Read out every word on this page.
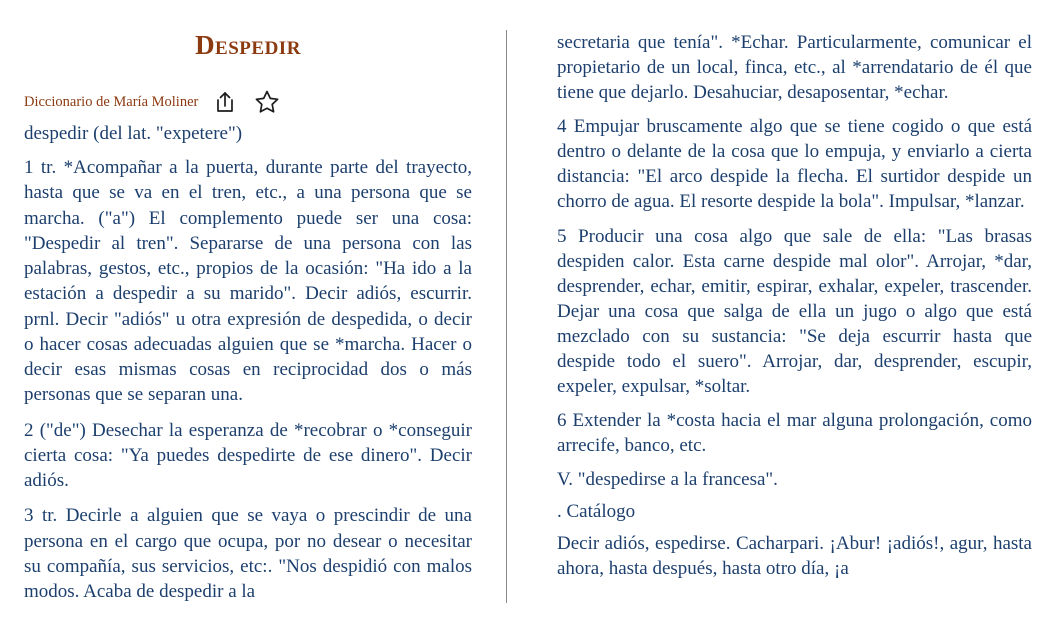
Despedir
Diccionario de María Moliner
despedir (del lat. "expetere")

1 tr. *Acompañar a la puerta, durante parte del trayecto, hasta que se va en el tren, etc., a una persona que se marcha. ("a") El complemento puede ser una cosa: "Despedir al tren". Separarse de una persona con las palabras, gestos, etc., propios de la ocasión: "Ha ido a la estación a despedir a su marido". Decir adiós, escurrir. prnl. Decir "adiós" u otra expresión de despedida, o decir o hacer cosas adecuadas alguien que se *marcha. Hacer o decir esas mismas cosas en reciprocidad dos o más personas que se separan una.

2 ("de") Desechar la esperanza de *recobrar o *conseguir cierta cosa: "Ya puedes despedirte de ese dinero". Decir adiós.

3 tr. Decirle a alguien que se vaya o prescindir de una persona en el cargo que ocupa, por no desear o necesitar su compañía, sus servicios, etc:. "Nos despidió con malos modos. Acaba de despedir a la

secretaria que tenía". *Echar. Particularmente, comunicar el propietario de un local, finca, etc., al *arrendatario de él que tiene que dejarlo. Desahuciar, desaposentar, *echar.

4 Empujar bruscamente algo que se tiene cogido o que está dentro o delante de la cosa que lo empuja, y enviarlo a cierta distancia: "El arco despide la flecha. El surtidor despide un chorro de agua. El resorte despide la bola". Impulsar, *lanzar.

5 Producir una cosa algo que sale de ella: "Las brasas despiden calor. Esta carne despide mal olor". Arrojar, *dar, desprender, echar, emitir, espirar, exhalar, expeler, trascender. Dejar una cosa que salga de ella un jugo o algo que está mezclado con su sustancia: "Se deja escurrir hasta que despide todo el suero". Arrojar, dar, desprender, escupir, expeler, expulsar, *soltar.

6 Extender la *costa hacia el mar alguna prolongación, como arrecife, banco, etc.

V. "despedirse a la francesa".

. Catálogo

Decir adiós, espedirse. Cacharpari. ¡Abur! ¡adiós!, agur, hasta ahora, hasta después, hasta otro día, ¡a
